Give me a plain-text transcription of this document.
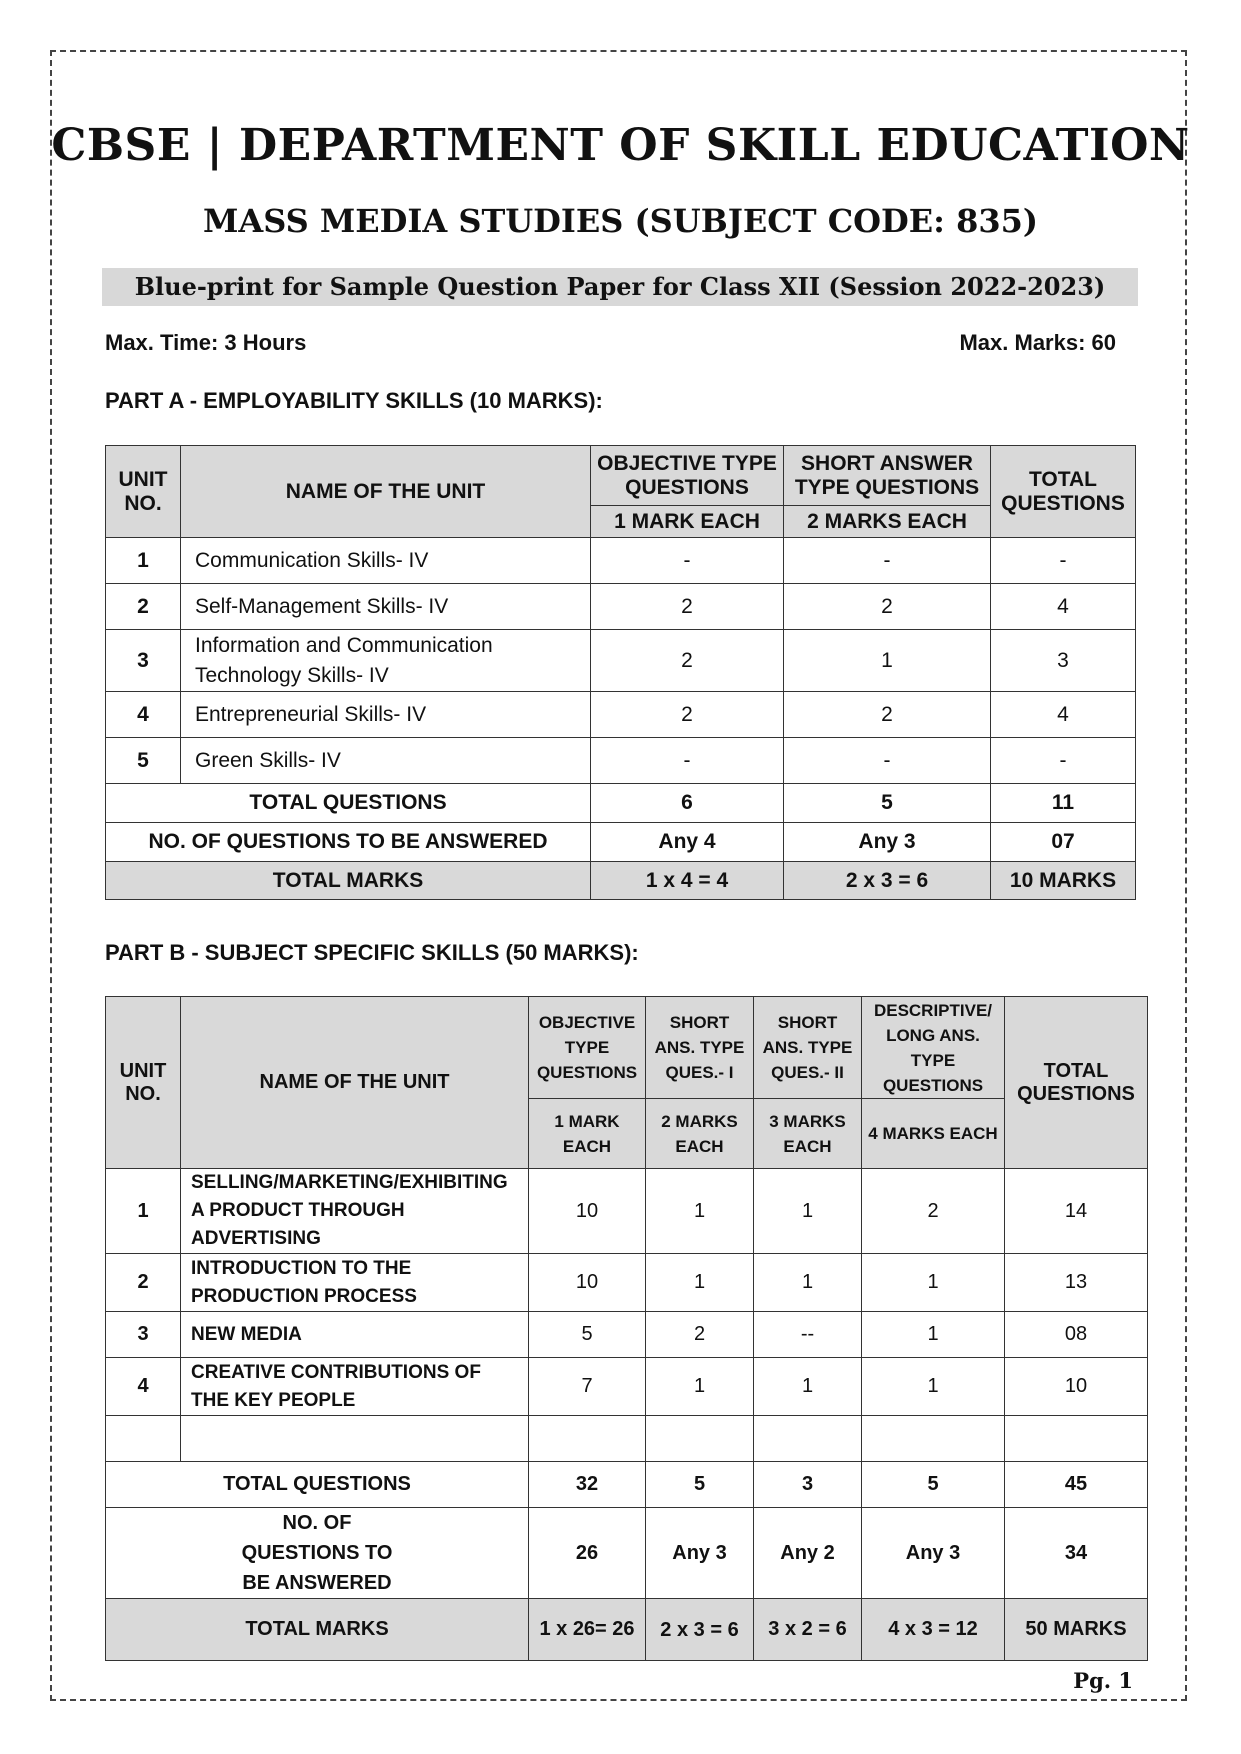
CBSE | DEPARTMENT OF SKILL EDUCATION
MASS MEDIA STUDIES (SUBJECT CODE: 835)
Blue-print for Sample Question Paper for Class XII (Session 2022-2023)
Max. Time: 3 Hours	Max. Marks: 60
PART A - EMPLOYABILITY SKILLS (10 MARKS):
UNIT NO.	NAME OF THE UNIT	OBJECTIVE TYPE QUESTIONS	SHORT ANSWER TYPE QUESTIONS	TOTAL QUESTIONS
		1 MARK EACH	2 MARKS EACH	
1	Communication Skills- IV	-	-	-
2	Self-Management Skills- IV	2	2	4
3	Information and Communication Technology Skills- IV	2	1	3
4	Entrepreneurial Skills- IV	2	2	4
5	Green Skills- IV	-	-	-
TOTAL QUESTIONS		6	5	11
NO. OF QUESTIONS TO BE ANSWERED		Any 4	Any 3	07
TOTAL MARKS		1 x 4 = 4	2 x 3 = 6	10 MARKS
PART B - SUBJECT SPECIFIC SKILLS (50 MARKS):
UNIT NO.	NAME OF THE UNIT	OBJECTIVE TYPE QUESTIONS	SHORT ANS. TYPE QUES.- I	SHORT ANS. TYPE QUES.- II	DESCRIPTIVE/ LONG ANS. TYPE QUESTIONS	TOTAL QUESTIONS
		1 MARK EACH	2 MARKS EACH	3 MARKS EACH	4 MARKS EACH	
1	SELLING/MARKETING/EXHIBITING A PRODUCT THROUGH ADVERTISING	10	1	1	2	14
2	INTRODUCTION TO THE PRODUCTION PROCESS	10	1	1	1	13
3	NEW MEDIA	5	2	--	1	08
4	CREATIVE CONTRIBUTIONS OF THE KEY PEOPLE	7	1	1	1	10

TOTAL QUESTIONS		32	5	3	5	45
NO. OF QUESTIONS TO BE ANSWERED		26	Any 3	Any 2	Any 3	34
TOTAL MARKS		1 x 26= 26	2 x 3 = 6	3 x 2 = 6	4 x 3 = 12	50 MARKS
Pg. 1
